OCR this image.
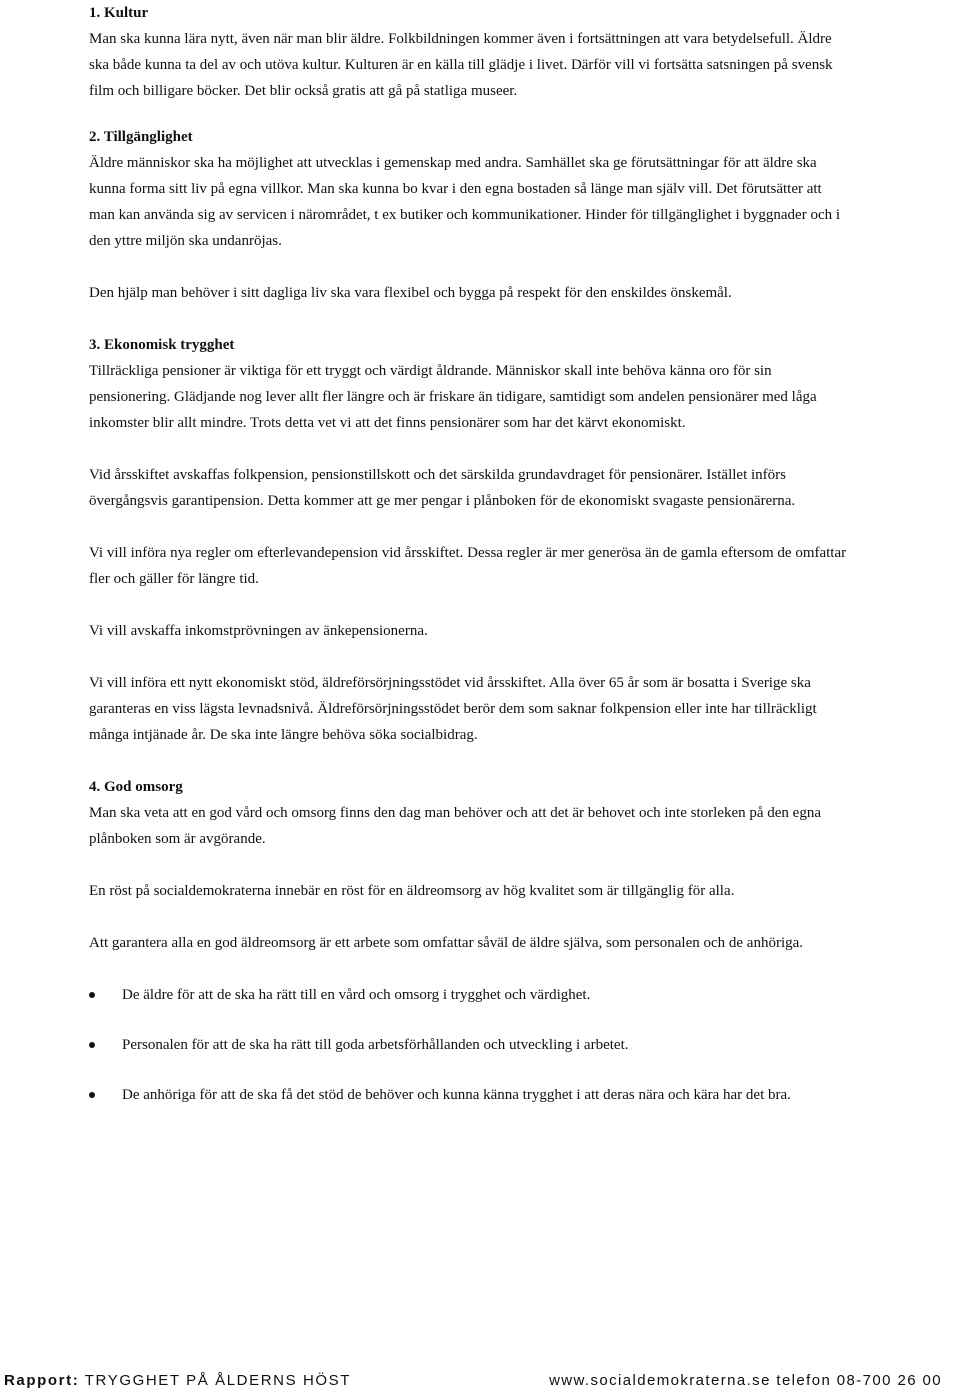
1. Kultur

Man ska kunna lära nytt, även när man blir äldre. Folkbildningen kommer även i fortsättningen att vara betydelsefull. Äldre ska både kunna ta del av och utöva kultur. Kulturen är en källa till glädje i livet. Därför vill vi fortsätta satsningen på svensk film och billigare böcker. Det blir också gratis att gå på statliga museer.

2. Tillgänglighet

Äldre människor ska ha möjlighet att utvecklas i gemenskap med andra. Samhället ska ge förutsättningar för att äldre ska kunna forma sitt liv på egna villkor. Man ska kunna bo kvar i den egna bostaden så länge man själv vill. Det förutsätter att man kan använda sig av servicen i närområdet, t ex butiker och kommunikationer. Hinder för tillgänglighet i byggnader och i den yttre miljön ska undanröjas.

Den hjälp man behöver i sitt dagliga liv ska vara flexibel och bygga på respekt för den enskildes önskemål.

3. Ekonomisk trygghet

Tillräckliga pensioner är viktiga för ett tryggt och värdigt åldrande. Människor skall inte behöva känna oro för sin pensionering. Glädjande nog lever allt fler längre och är friskare än tidigare, samtidigt som andelen pensionärer med låga inkomster blir allt mindre. Trots detta vet vi att det finns pensionärer som har det kärvt ekonomiskt.

Vid årsskiftet avskaffas folkpension, pensionstillskott och det särskilda grundavdraget för pensionärer. Istället införs övergångsvis garantipension. Detta kommer att ge mer pengar i plånboken för de ekonomiskt svagaste pensionärerna.

Vi vill införa nya regler om efterlevandepension vid årsskiftet. Dessa regler är mer generösa än de gamla eftersom de omfattar fler och gäller för längre tid.

Vi vill avskaffa inkomstprövningen av änkepensionerna.

Vi vill införa ett nytt ekonomiskt stöd, äldreförsörjningsstödet vid årsskiftet. Alla över 65 år som är bosatta i Sverige ska garanteras en viss lägsta levnadsnivå. Äldreförsörjningsstödet berör dem som saknar folkpension eller inte har tillräckligt många intjänade år. De ska inte längre behöva söka socialbidrag.

4. God omsorg

Man ska veta att en god vård och omsorg finns den dag man behöver och att det är behovet och inte storleken på den egna plånboken som är avgörande.

En röst på socialdemokraterna innebär en röst för en äldreomsorg av hög kvalitet som är tillgänglig för alla.

Att garantera alla en god äldreomsorg är ett arbete som omfattar såväl de äldre själva, som personalen och de anhöriga.

De äldre för att de ska ha rätt till en vård och omsorg i trygghet och värdighet.
Personalen för att de ska ha rätt till goda arbetsförhållanden och utveckling i arbetet.
De anhöriga för att de ska få det stöd de behöver och kunna känna trygghet i att deras nära och kära har det bra.
Rapport: TRYGGHET PÅ ÅLDERNS HÖST	www.socialdemokraterna.se telefon 08-700 26 00
